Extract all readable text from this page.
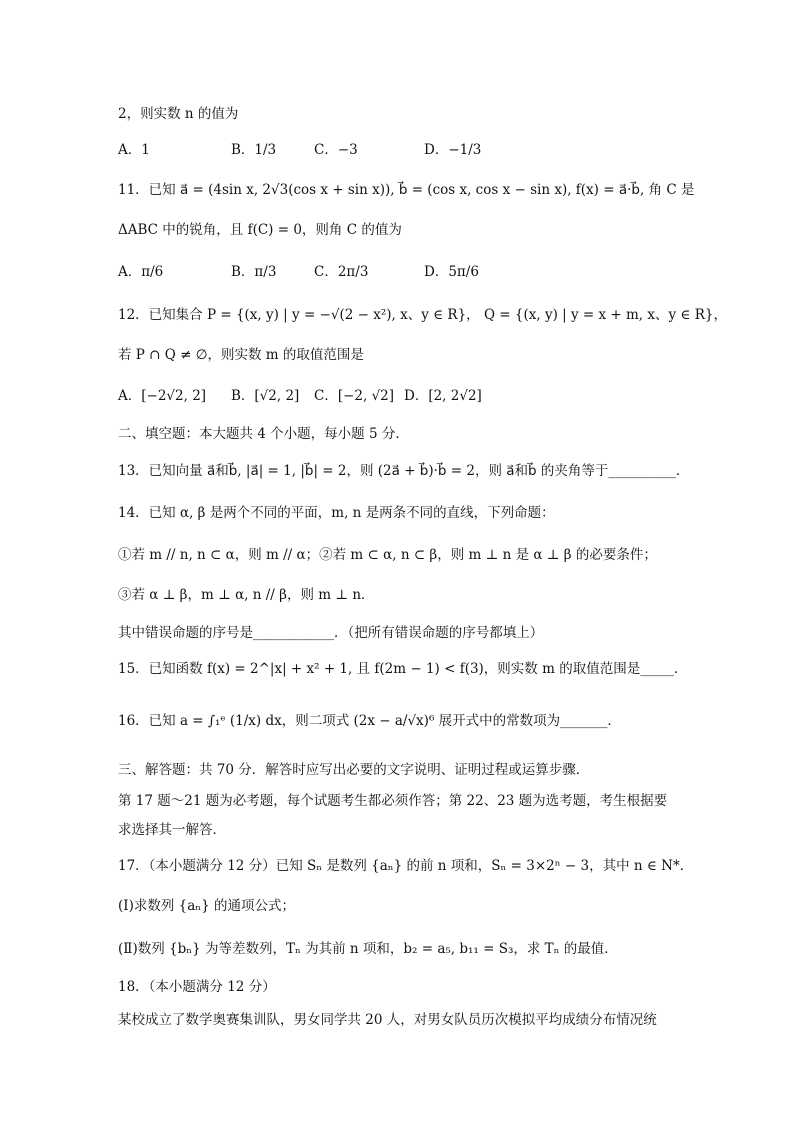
2，则实数 n 的值为
A．1	B．1/3	C．−3	D．−1/3
11．已知 a⃗ = (4sin x, 2√3(cos x + sin x)), b⃗ = (cos x, cos x − sin x), f(x) = a⃗·b⃗, 角 C 是
ΔABC 中的锐角，且 f(C) = 0，则角 C 的值为
A．π/6	B．π/3	C．2π/3	D．5π/6
12．已知集合 P = {(x, y) | y = −√(2 − x²), x、y ∈ R}， Q = {(x, y) | y = x + m, x、y ∈ R}，
若 P ∩ Q ≠ ∅，则实数 m 的取值范围是
A．[−2√2, 2] B．[√2, 2] C．[−2, √2] D．[2, 2√2]
二、填空题：本大题共 4 个小题，每小题 5 分．
13．已知向量 a⃗和b⃗, |a⃗| = 1, |b⃗| = 2，则 (2a⃗ + b⃗)·b⃗ = 2，则 a⃗和b⃗ 的夹角等于__________．
14．已知 α, β 是两个不同的平面，m, n 是两条不同的直线，下列命题：
①若 m // n, n ⊂ α，则 m // α；②若 m ⊂ α, n ⊂ β，则 m ⊥ n 是 α ⊥ β 的必要条件；
③若 α ⊥ β，m ⊥ α, n // β，则 m ⊥ n．
其中错误命题的序号是____________．（把所有错误命题的序号都填上）
15．已知函数 f(x) = 2^|x| + x² + 1, 且 f(2m − 1) < f(3)，则实数 m 的取值范围是_____．
16．已知 a = ∫₁ᵉ (1/x) dx，则二项式 (2x − a/√x)⁶ 展开式中的常数项为_______．
三、解答题：共 70 分．解答时应写出必要的文字说明、证明过程或运算步骤．
第 17 题～21 题为必考题，每个试题考生都必须作答；第 22、23 题为选考题，考生根据要
求选择其一解答．
17．（本小题满分 12 分）已知 Sₙ 是数列 {aₙ} 的前 n 项和，Sₙ = 3×2ⁿ − 3，其中 n ∈ N*．
(I)求数列 {aₙ} 的通项公式；
(Ⅱ)数列 {bₙ} 为等差数列，Tₙ 为其前 n 项和，b₂ = a₅, b₁₁ = S₃，求 Tₙ 的最值．
18．（本小题满分 12 分）
某校成立了数学奥赛集训队，男女同学共 20 人，对男女队员历次模拟平均成绩分布情况统
